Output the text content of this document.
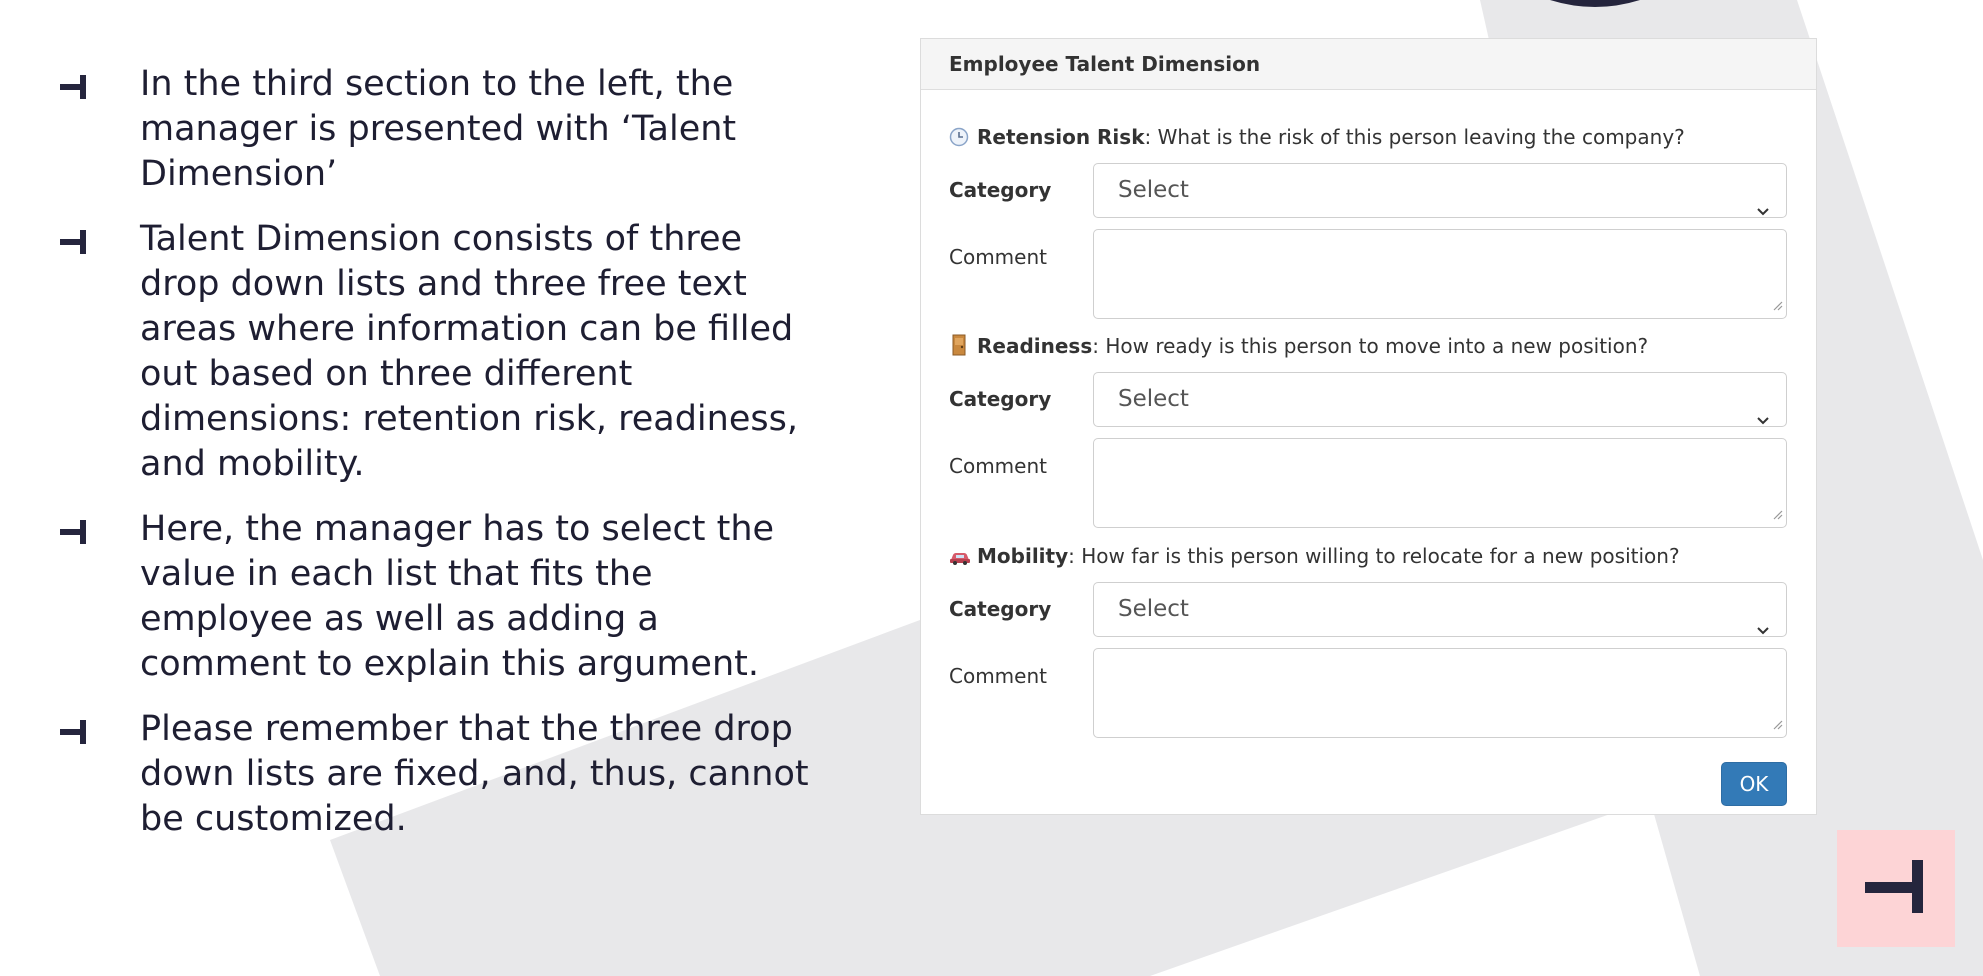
In the third section to the left, the manager is presented with ‘Talent Dimension’
Talent Dimension consists of three drop down lists and three free text areas where information can be filled out based on three different dimensions: retention risk, readiness, and mobility.
Here, the manager has to select the value in each list that fits the employee as well as adding a comment to explain this argument.
Please remember that the three drop down lists are fixed, and, thus, cannot be customized.
Employee Talent Dimension
Retension Risk: What is the risk of this person leaving the company?
Category	Select
Comment
Readiness: How ready is this person to move into a new position?
Category	Select
Comment
Mobility: How far is this person willing to relocate for a new position?
Category	Select
Comment
OK
